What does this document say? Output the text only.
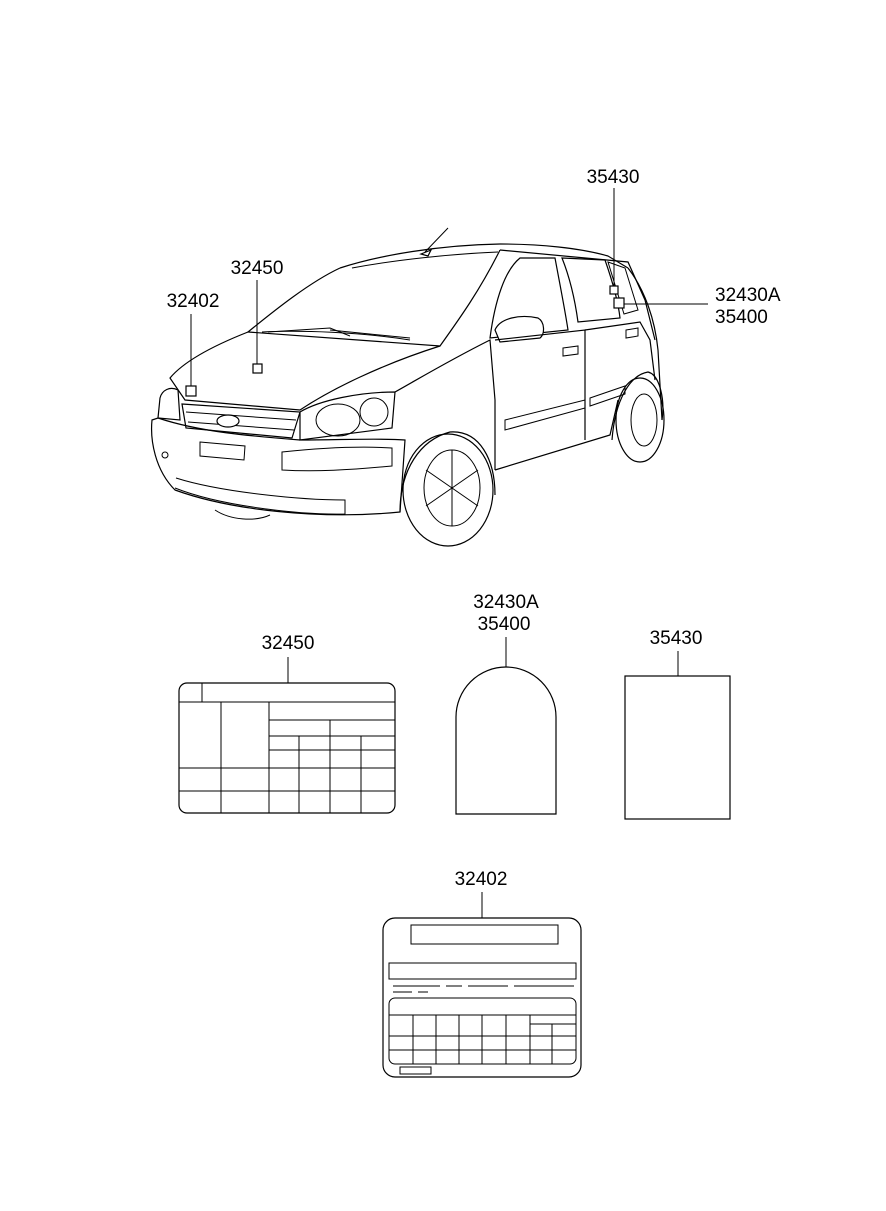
32402
32450
35430
32430A
35400
32450
32430A
35400
35430
32402
